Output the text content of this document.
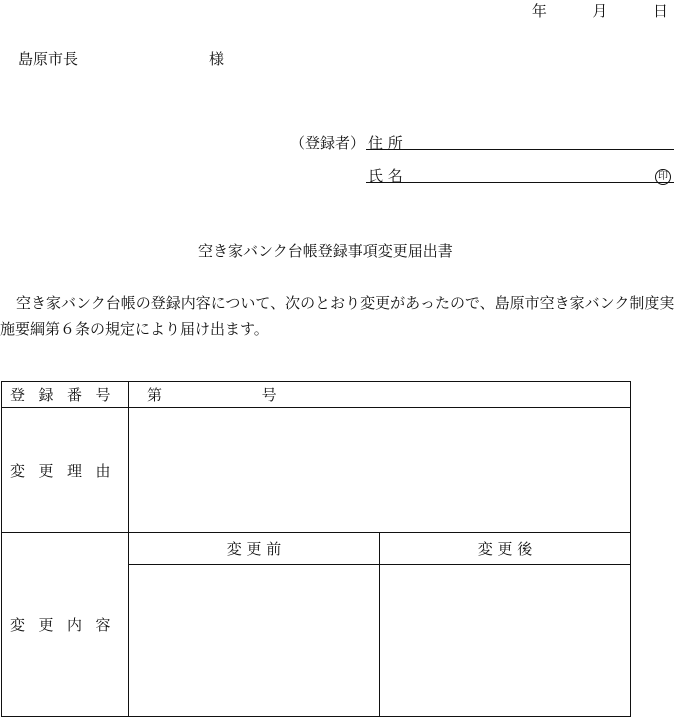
年	月	日
島原市長	様
（登録者） 住 所
氏 名	印
空き家バンク台帳登録事項変更届出書
空き家バンク台帳の登録内容について、次のとおり変更があったので、島原市空き家バンク制度実施要綱第６条の規定により届け出ます。
登録番号	第 号	
変更理由		
変更内容	変 更 前	変 更 後
